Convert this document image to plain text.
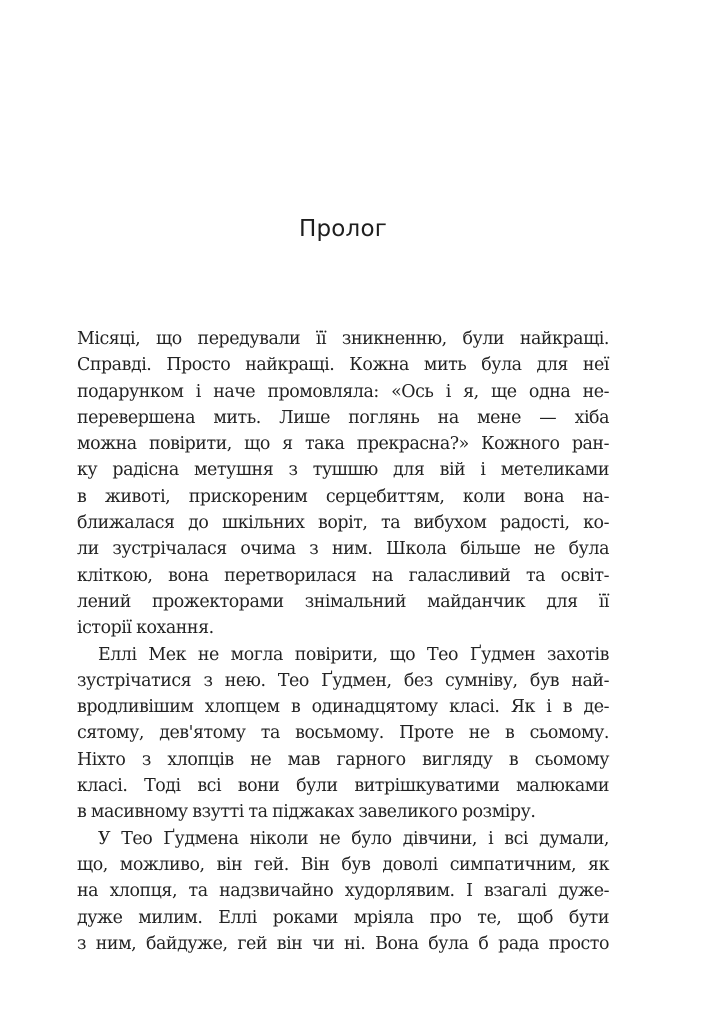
Пролог
Місяці, що передували її зникненню, були найкращі.
Справді. Просто найкращі. Кожна мить була для неї
подарунком і наче промовляла: «Ось і я, ще одна не-
перевершена мить. Лише поглянь на мене — хіба
можна повірити, що я така прекрасна?» Кожного ран-
ку радісна метушня з тушшю для вій і метеликами
в животі, прискореним серцебиттям, коли вона на-
ближалася до шкільних воріт, та вибухом радості, ко-
ли зустрічалася очима з ним. Школа більше не була
кліткою, вона перетворилася на галасливий та освіт-
лений прожекторами знімальний майданчик для її
історії кохання.
Еллі Мек не могла повірити, що Тео Ґудмен захотів
зустрічатися з нею. Тео Ґудмен, без сумніву, був най-
вродливішим хлопцем в одинадцятому класі. Як і в де-
сятому, дев'ятому та восьмому. Проте не в сьомому.
Ніхто з хлопців не мав гарного вигляду в сьомому
класі. Тоді всі вони були витрішкуватими малюками
в масивному взутті та піджаках завеликого розміру.
У Тео Ґудмена ніколи не було дівчини, і всі думали,
що, можливо, він гей. Він був доволі симпатичним, як
на хлопця, та надзвичайно худорлявим. І взагалі дуже-
дуже милим. Еллі роками мріяла про те, щоб бути
з ним, байдуже, гей він чи ні. Вона була б рада просто
